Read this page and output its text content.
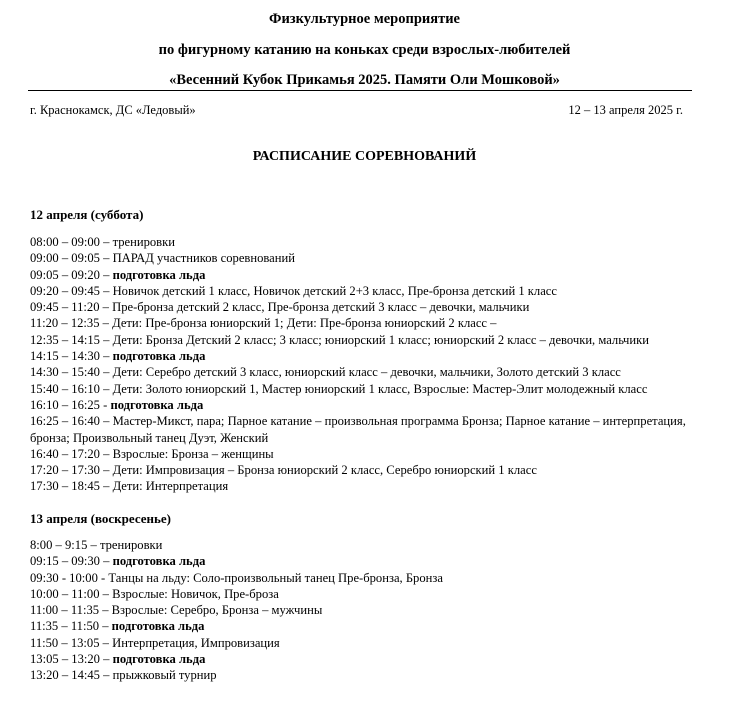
Физкультурное мероприятие
по фигурному катанию на коньках среди взрослых-любителей
«Весенний Кубок Прикамья 2025. Памяти Оли Мошковой»
г. Краснокамск, ДС «Ледовый»	12 – 13 апреля 2025 г.
РАСПИСАНИЕ СОРЕВНОВАНИЙ
12 апреля (суббота)
08:00 – 09:00 – тренировки
09:00 – 09:05 – ПАРАД участников соревнований
09:05 – 09:20 – подготовка льда
09:20 – 09:45 – Новичок детский 1 класс, Новичок детский 2+3 класс, Пре-бронза детский 1 класс
09:45 – 11:20 – Пре-бронза детский 2 класс, Пре-бронза детский 3 класс – девочки, мальчики
11:20 – 12:35 – Дети: Пре-бронза юниорский 1; Дети: Пре-бронза юниорский 2 класс –
12:35 – 14:15 – Дети: Бронза Детский 2 класс; 3 класс; юниорский 1 класс; юниорский 2 класс – девочки, мальчики
14:15 – 14:30 – подготовка льда
14:30 – 15:40 – Дети: Серебро детский 3 класс, юниорский класс – девочки, мальчики, Золото детский 3 класс
15:40 – 16:10 – Дети: Золото юниорский 1, Мастер юниорский 1 класс, Взрослые: Мастер-Элит молодежный класс
16:10 – 16:25 - подготовка льда
16:25 – 16:40 – Мастер-Микст, пара; Парное катание – произвольная программа Бронза; Парное катание – интерпретация, бронза; Произвольный танец Дуэт, Женский
16:40 – 17:20 – Взрослые: Бронза – женщины
17:20 – 17:30 – Дети: Импровизация – Бронза юниорский 2 класс, Серебро юниорский 1 класс
17:30 – 18:45 – Дети: Интерпретация
13 апреля (воскресенье)
8:00 – 9:15 – тренировки
09:15 – 09:30 – подготовка льда
09:30 - 10:00 - Танцы на льду: Соло-произвольный танец Пре-бронза, Бронза
10:00 – 11:00 – Взрослые: Новичок, Пре-броза
11:00 – 11:35 – Взрослые: Серебро, Бронза – мужчины
11:35 – 11:50 – подготовка льда
11:50 – 13:05 – Интерпретация, Импровизация
13:05 – 13:20 – подготовка льда
13:20 – 14:45 – прыжковый турнир
